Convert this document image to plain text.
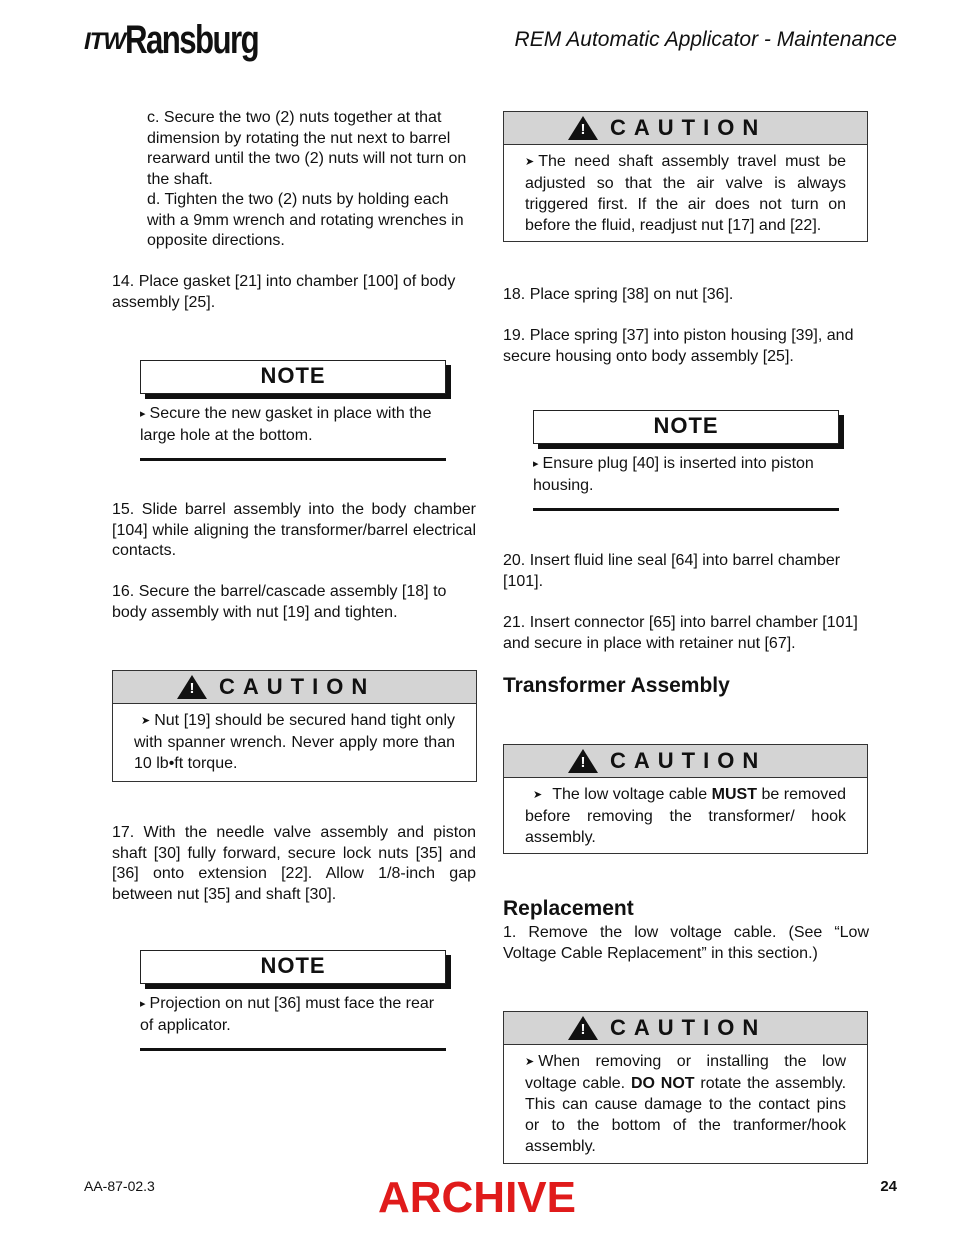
ITWRansburg	REM Automatic Applicator - Maintenance

c. Secure the two (2) nuts together at that dimension by rotating the nut next to barrel rearward until the two (2) nuts will not turn on the shaft.

d. Tighten the two (2) nuts by holding each with a 9mm wrench and rotating wrenches in opposite directions.

14. Place gasket [21] into chamber [100] of body assembly [25].

NOTE
▸ Secure the new gasket in place with the large hole at the bottom.

15. Slide barrel assembly into the body chamber [104] while aligning the transformer/barrel electrical contacts.

16. Secure the barrel/cascade assembly [18] to body assembly with nut [19] and tighten.

!	CAUTION
➤ Nut [19] should be secured hand tight only with spanner wrench. Never apply more than 10 lb•ft torque.

17. With the needle valve assembly and piston shaft [30] fully forward, secure lock nuts [35] and [36] onto extension [22]. Allow 1/8-inch gap between nut [35] and shaft [30].

NOTE
▸ Projection on nut [36] must face the rear of applicator.
!	CAUTION
➤ The need shaft assembly travel must be adjusted so that the air valve is always triggered first. If the air does not turn on before the fluid, readjust nut [17] and [22].

18. Place spring [38] on nut [36].

19. Place spring [37] into piston housing [39], and secure housing onto body assembly [25].

NOTE
▸ Ensure plug [40] is inserted into piston housing.

20. Insert fluid line seal [64] into barrel chamber [101].

21. Insert connector [65] into barrel chamber [101] and secure in place with retainer nut [67].

Transformer Assembly
!	CAUTION
➤ The low voltage cable MUST be removed before removing the transformer/ hook assembly.
Replacement

1. Remove the low voltage cable. (See “Low Voltage Cable Replacement” in this section.)

!	CAUTION
➤ When removing or installing the low voltage cable. DO NOT rotate the assembly. This can cause damage to the contact pins or to the bottom of the tranformer/hook assembly.
AA-87-02.3	ARCHIVE	24
